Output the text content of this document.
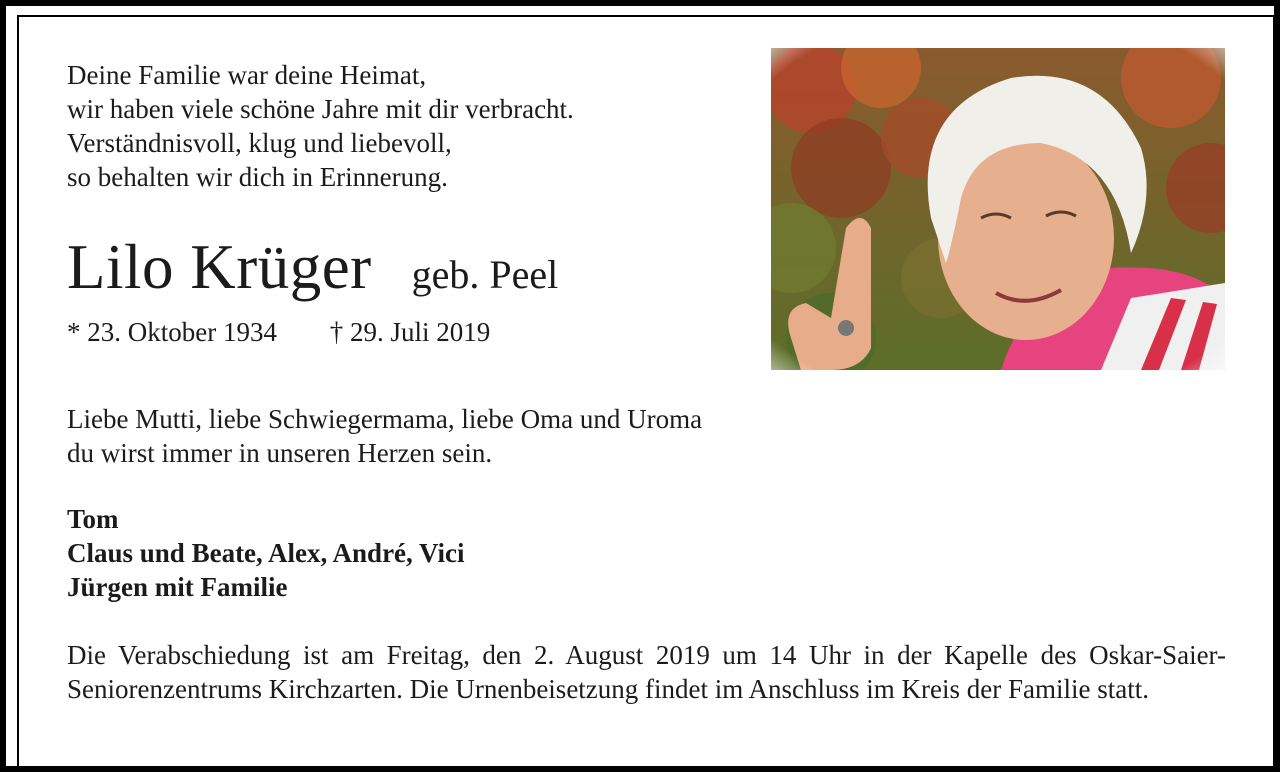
Deine Familie war deine Heimat,
wir haben viele schöne Jahre mit dir verbracht.
Verständnisvoll, klug und liebevoll,
so behalten wir dich in Erinnerung.
Lilo Krüger geb. Peel
* 23. Oktober 1934 † 29. Juli 2019
Liebe Mutti, liebe Schwiegermama, liebe Oma und Uroma
du wirst immer in unseren Herzen sein.
Tom
Claus und Beate, Alex, André, Vici
Jürgen mit Familie

Die Verabschiedung ist am Freitag, den 2. August 2019 um 14 Uhr in der Kapelle des Oskar-Saier-Seniorenzentrums Kirchzarten. Die Urnenbeisetzung findet im Anschluss im Kreis der Familie statt.
